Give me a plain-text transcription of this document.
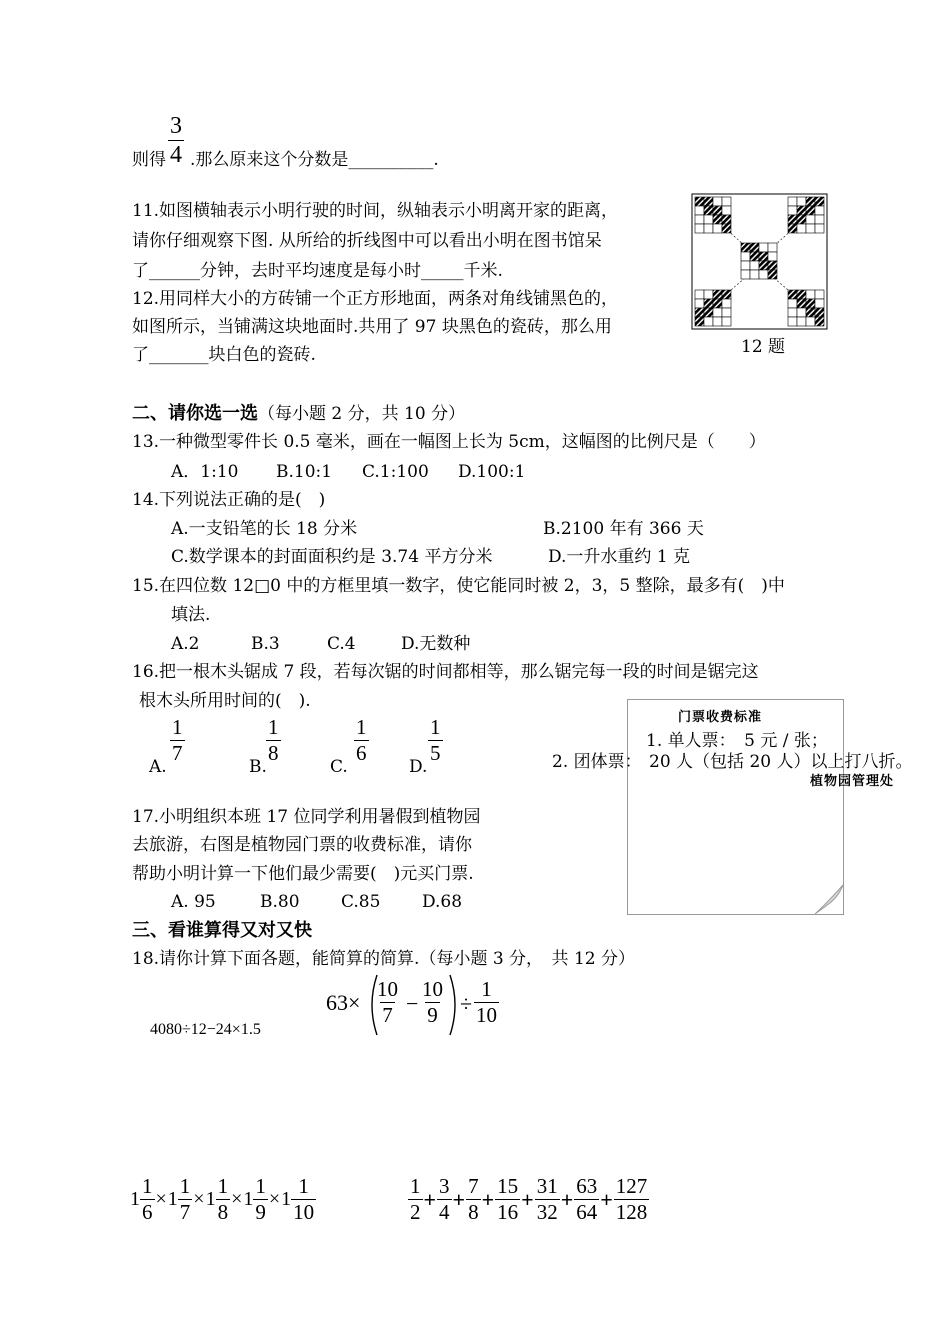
$\frac{3}{4}$
则得 .那么原来这个分数是__________.
11.如图横轴表示小明行驶的时间，纵轴表示小明离开家的距离，
请你仔细观察下图. 从所给的折线图中可以看出小明在图书馆呆
了______分钟，去时平均速度是每小时_____千米.
12.用同样大小的方砖铺一个正方形地面，两条对角线铺黑色的，
如图所示，当铺满这块地面时.共用了 97 块黑色的瓷砖，那么用
了_______块白色的瓷砖.	12 题
二、请你选一选（每小题 2 分，共 10 分）
13.一种微型零件长 0.5 毫米，画在一幅图上长为 5cm，这幅图的比例尺是（　　）
A．1:10 B.10:1 C.1:100 D.100:1
14.下列说法正确的是(　)
A.一支铅笔的长 18 分米	B.2100 年有 366 天
C.数学课本的封面面积约是 3.74 平方分米	D.一升水重约 1 克
15.在四位数 12□0 中的方框里填一数字，使它能同时被 2，3，5 整除，最多有(　)中
填法.
A.2	B.3	C.4	D.无数种
16.把一根木头锯成 7 段，若每次锯的时间都相等，那么锯完每一段的时间是锯完这
根木头所用时间的(　).
A.
$\frac{1}{7}$
B.
$\frac{1}{8}$
C.
$\frac{1}{6}$
D.
$\frac{1}{5}$	门票收费标准
1. 单人票：　5 元 / 张；
2. 团体票： 20 人（包括 20 人）以上打八折。
植物园管理处
17.小明组织本班 17 位同学利用暑假到植物园
去旅游，右图是植物园门票的收费标准，请你
帮助小明计算一下他们最少需要(　)元买门票.
A. 95	B.80 C.85 D.68
三、看谁算得又对又快
18.请你计算下面各题，能简算的简算.（每小题 3 分，　共 12 分）
4080÷12−24×1.5
$63\times \frac{10}{7} - \frac{10}{9} \div \frac{1}{10}$
$1 \frac{1}{6} \times 1 \frac{1}{7} \times 1 \frac{1}{8} \times 1 \frac{1}{9} \times 1 \frac{1}{10}$	$\frac{1}{2} + \frac{3}{4} + \frac{7}{8} + \frac{15}{16} + \frac{31}{32} + \frac{63}{64} + \frac{127}{128}$
